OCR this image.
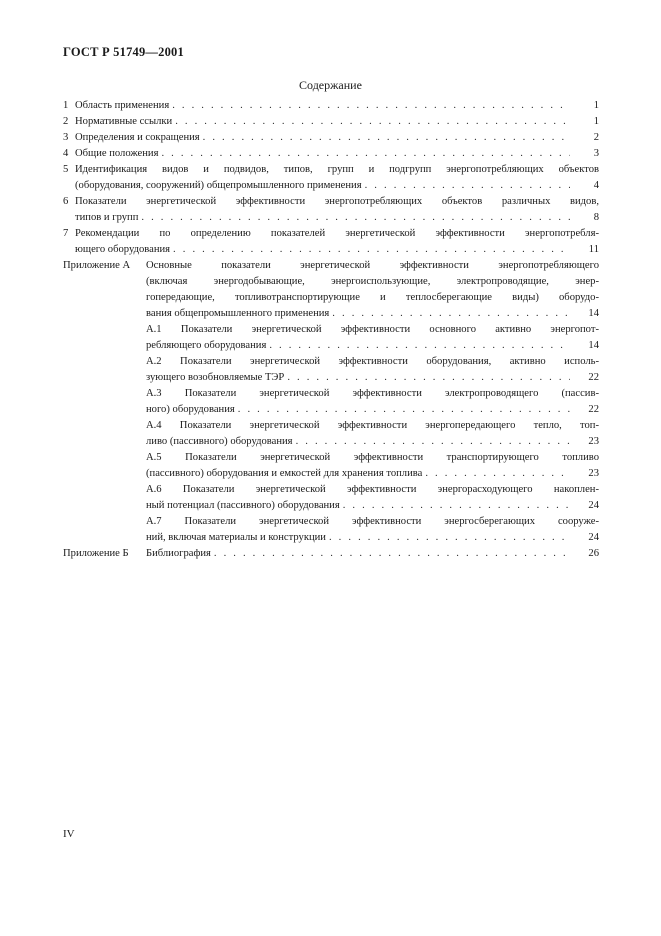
ГОСТ Р 51749—2001
Содержание
1 Область применения . . .	1
2 Нормативные ссылки . . .	1
3 Определения и сокращения . . .	2
4 Общие положения . . .	3
5 Идентификация видов и подвидов, типов, групп и подгрупп энергопотребляющих объектов
(оборудования, сооружений) общепромышленного применения . . .	4
6 Показатели энергетической эффективности энергопотребляющих объектов различных видов,
типов и групп . . .	8
7 Рекомендации по определению показателей энергетической эффективности энергопотребля-
ющего оборудования . . .	11
Приложение А	Основные показатели энергетической эффективности энергопотребляющего
(включая энергодобывающие, энергоиспользующие, электропроводящие, энер-
гопередающие, топливотранспортирующие и теплосберегающие виды) оборудо-
вания общепромышленного применения . . .	14
А.1 Показатели энергетической эффективности основного активно энергопот-
ребляющего оборудования . . .	14
А.2 Показатели энергетической эффективности оборудования, активно исполь-
зующего возобновляемые ТЭР . . .	22
А.3 Показатели энергетической эффективности электропроводящего (пассив-
ного) оборудования . . .	22
А.4 Показатели энергетической эффективности энергопередающего тепло, топ-
ливо (пассивного) оборудования . . .	23
А.5 Показатели энергетической эффективности транспортирующего топливо
(пассивного) оборудования и емкостей для хранения топлива . . .	23
А.6 Показатели энергетической эффективности энергорасходующего накоплен-
ный потенциал (пассивного) оборудования . . .	24
А.7 Показатели энергетической эффективности энергосберегающих сооруже-
ний, включая материалы и конструкции . . .	24
Приложение Б	Библиография . . .	26
IV
